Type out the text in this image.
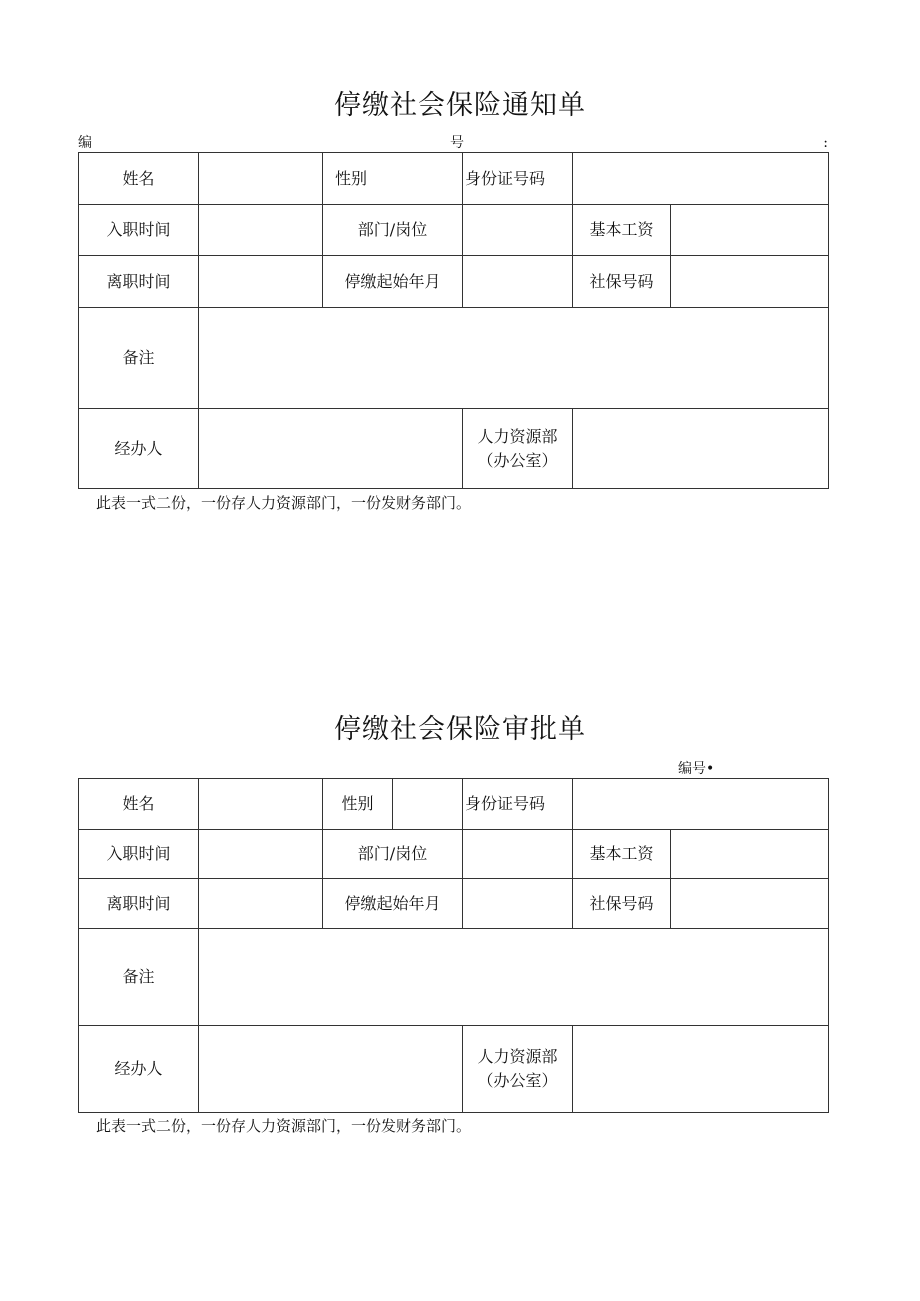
停缴社会保险通知单
编	号	:
姓名		性别	身份证号码		
入职时间		部门/岗位		基本工资	
离职时间		停缴起始年月		社保号码	
备注					
经办人			人力资源部
（办公室）		

此表一式二份，一份存人力资源部门，一份发财务部门。
停缴社会保险审批单
编号•
姓名		性别		身份证号码		
入职时间		部门/岗位			基本工资	
离职时间		停缴起始年月			社保号码	
备注						
经办人				人力资源部
（办公室）		

此表一式二份，一份存人力资源部门，一份发财务部门。
